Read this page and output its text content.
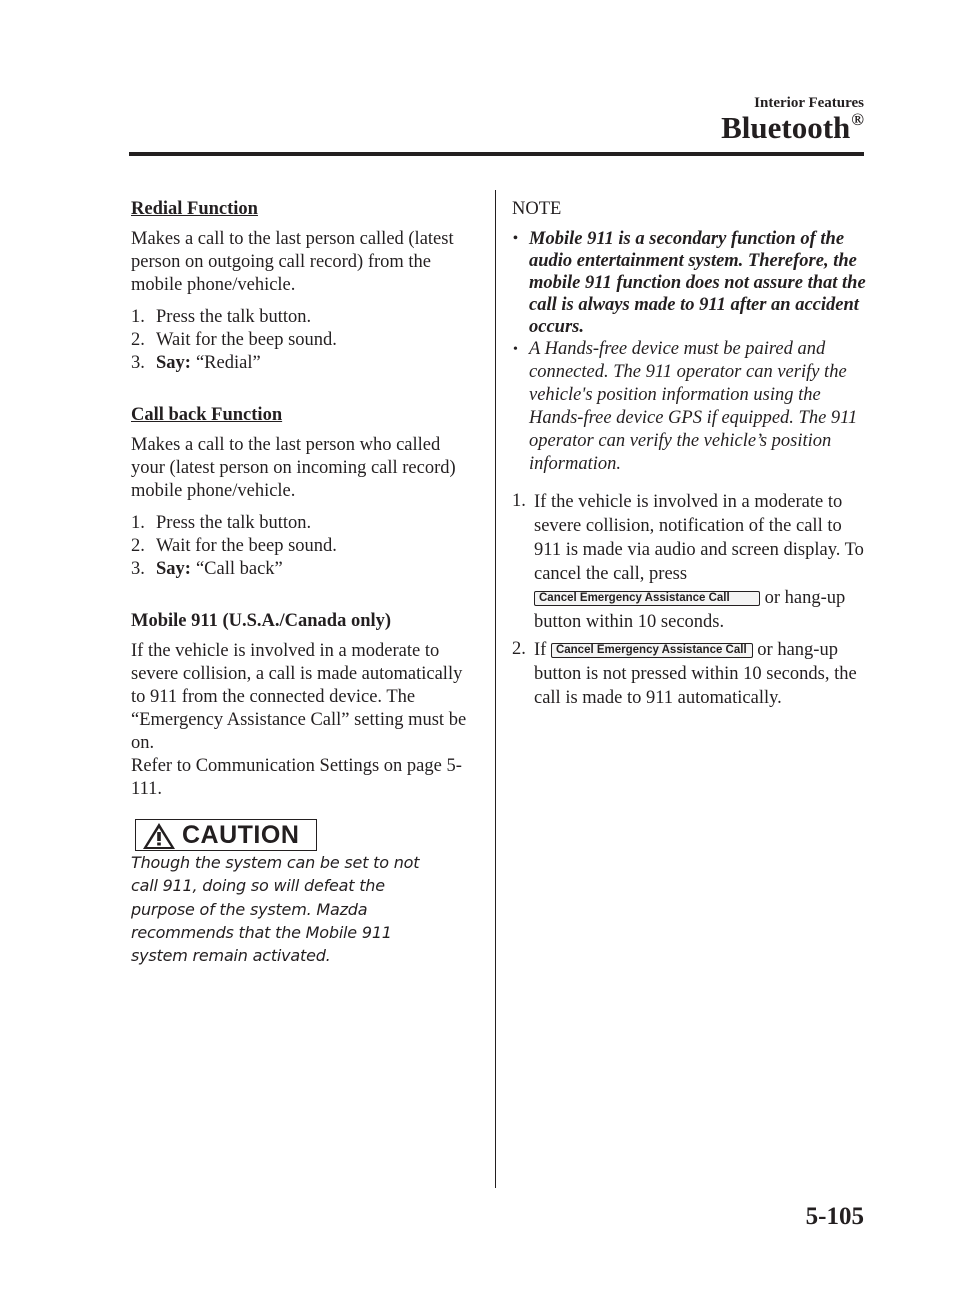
Interior Features
Bluetooth®

Redial Function

Makes a call to the last person called (latest person on outgoing call record) from the mobile phone/vehicle.

1. Press the talk button.
2. Wait for the beep sound.
3. Say: “Redial”

Call back Function

Makes a call to the last person who called your (latest person on incoming call record) mobile phone/vehicle.

1. Press the talk button.
2. Wait for the beep sound.
3. Say: “Call back”

Mobile 911 (U.S.A./Canada only)

If the vehicle is involved in a moderate to severe collision, a call is made automatically to 911 from the connected device. The “Emergency Assistance Call” setting must be on.

Refer to Communication Settings on page 5-111.

CAUTION

Though the system can be set to not call 911, doing so will defeat the purpose of the system. Mazda recommends that the Mobile 911 system remain activated.

NOTE

• Mobile 911 is a secondary function of the audio entertainment system. Therefore, the mobile 911 function does not assure that the call is always made to 911 after an accident occurs.
• A Hands-free device must be paired and connected. The 911 operator can verify the vehicle's position information using the Hands-free device GPS if equipped. The 911 operator can verify the vehicle’s position information.
1. If the vehicle is involved in a moderate to severe collision, notification of the call to 911 is made via audio and screen display. To cancel the call, press Cancel Emergency Assistance Call or hang-up button within 10 seconds.
2. If Cancel Emergency Assistance Call or hang-up button is not pressed within 10 seconds, the call is made to 911 automatically.
5-105
